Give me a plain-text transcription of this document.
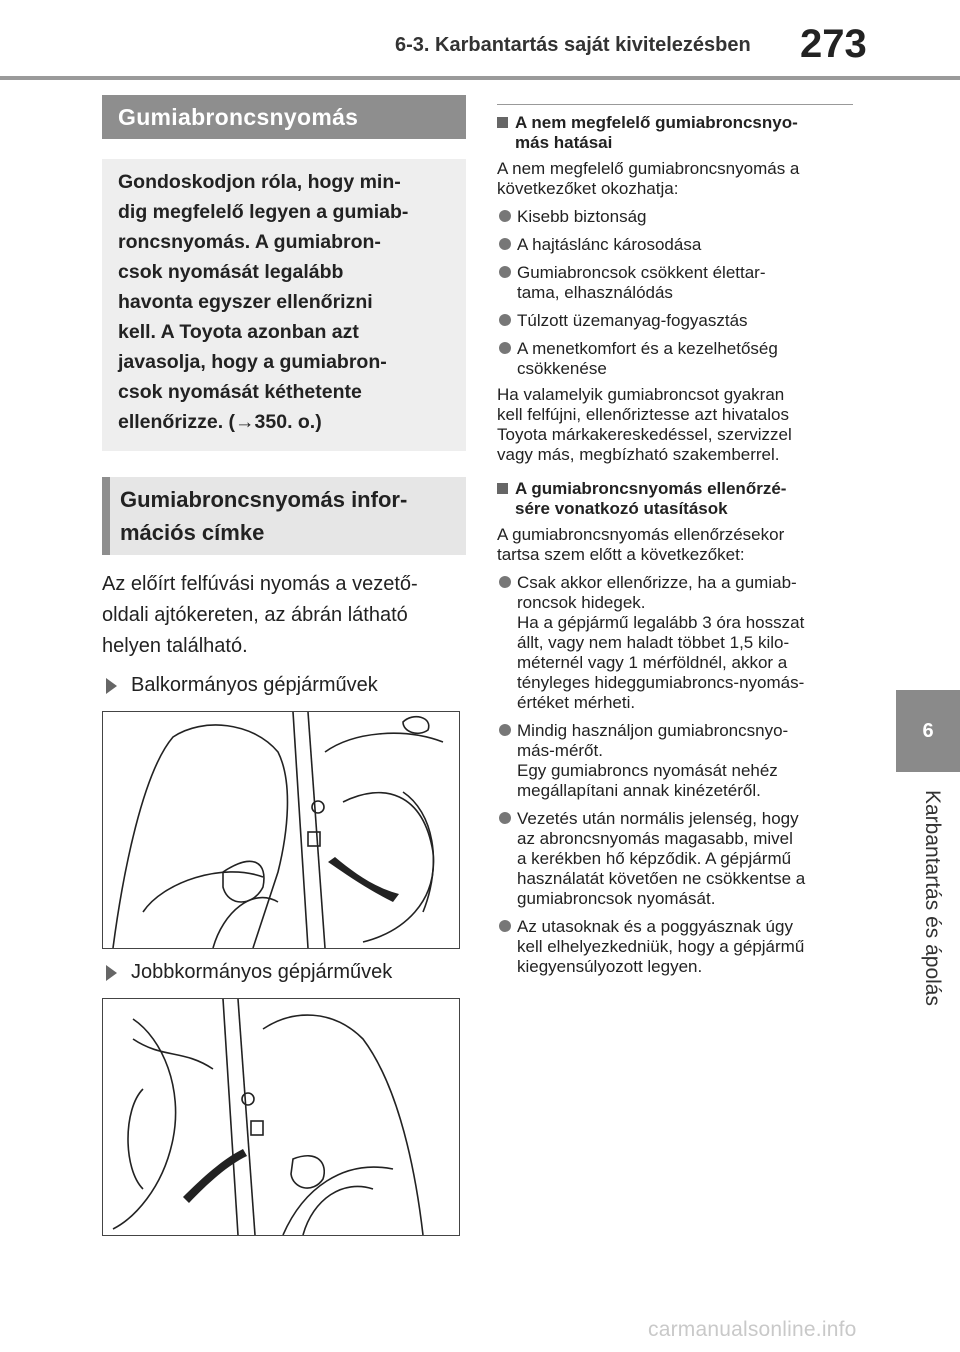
6-3. Karbantartás saját kivitelezésben 273
6
Karbantartás és ápolás
Gumiabroncsnyomás
Gondoskodjon róla, hogy min-
dig megfelelő legyen a gumiab-
roncsnyomás. A gumiabron-
csok nyomását legalább
havonta egyszer ellenőrizni
kell. A Toyota azonban azt
javasolja, hogy a gumiabron-
csok nyomását kéthetente
ellenőrizze. (→350. o.)
Gumiabroncsnyomás infor-
mációs címke
Az előírt felfúvási nyomás a vezető-
oldali ajtókereten, az ábrán látható
helyen található.
Balkormányos gépjárművek
Jobbkormányos gépjárművek
A nem megfelelő gumiabroncsnyo-
más hatásai
A nem megfelelő gumiabroncsnyomás a
következőket okozhatja:
Kisebb biztonság
A hajtáslánc károsodása
Gumiabroncsok csökkent élettar-
tama, elhasználódás
Túlzott üzemanyag-fogyasztás
A menetkomfort és a kezelhetőség
csökkenése
Ha valamelyik gumiabroncsot gyakran
kell felfújni, ellenőriztesse azt hivatalos
Toyota márkakereskedéssel, szervizzel
vagy más, megbízható szakemberrel.
A gumiabroncsnyomás ellenőrzé-
sére vonatkozó utasítások
A gumiabroncsnyomás ellenőrzésekor
tartsa szem előtt a következőket:
Csak akkor ellenőrizze, ha a gumiab-
roncsok hidegek.
Ha a gépjármű legalább 3 óra hosszat
állt, vagy nem haladt többet 1,5 kilo-
méternél vagy 1 mérföldnél, akkor a
tényleges hideggumiabroncs-nyomás-
értéket mérheti.
Mindig használjon gumiabroncsnyo-
más-mérőt.
Egy gumiabroncs nyomását nehéz
megállapítani annak kinézetéről.
Vezetés után normális jelenség, hogy
az abroncsnyomás magasabb, mivel
a kerékben hő képződik. A gépjármű
használatát követően ne csökkentse a
gumiabroncsok nyomását.
Az utasoknak és a poggyásznak úgy
kell elhelyezkedniük, hogy a gépjármű
kiegyensúlyozott legyen.
carmanualsonline.info
